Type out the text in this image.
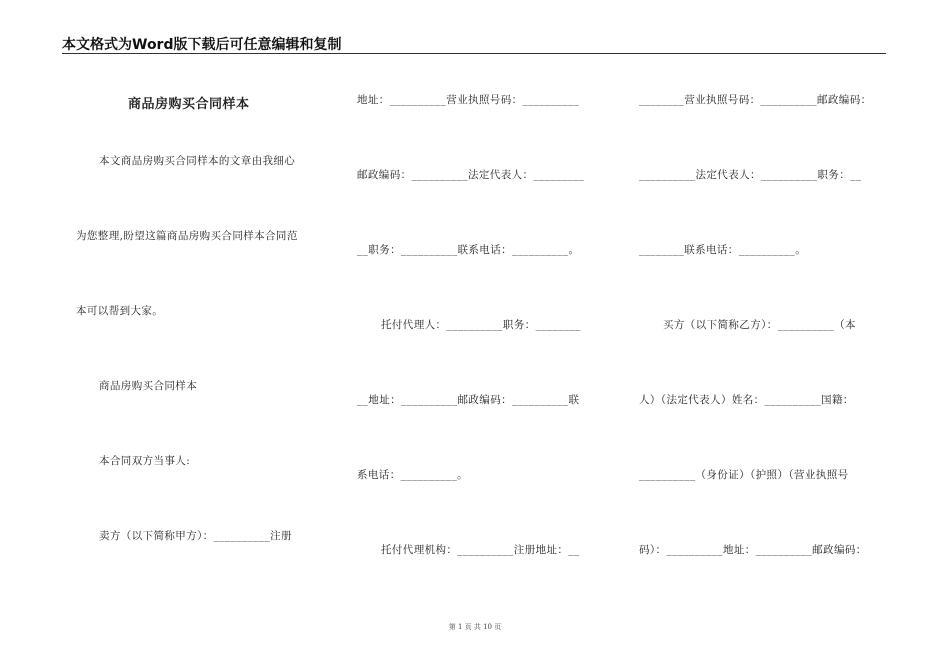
本文格式为Word版下载后可任意编辑和复制
商品房购买合同样本
本文商品房购买合同样本的文章由我细心
为您整理,盼望这篇商品房购买合同样本合同范
本可以帮到大家。
商品房购买合同样本
本合同双方当事人:
卖方（以下简称甲方）：__________注册
地址：__________营业执照号码：__________
邮政编码：__________法定代表人：_________
__职务：__________联系电话：__________。
托付代理人：__________职务：________
__地址：__________邮政编码：__________联
系电话：__________。
托付代理机构：__________注册地址：__
________营业执照号码：__________邮政编码：
__________法定代表人：__________职务：__
________联系电话：__________。
买方（以下简称乙方）：__________（本
人）（法定代表人）姓名：__________国籍：
__________（身份证）（护照）（营业执照号
码）：__________地址：__________邮政编码：
第 1 页 共 10 页
